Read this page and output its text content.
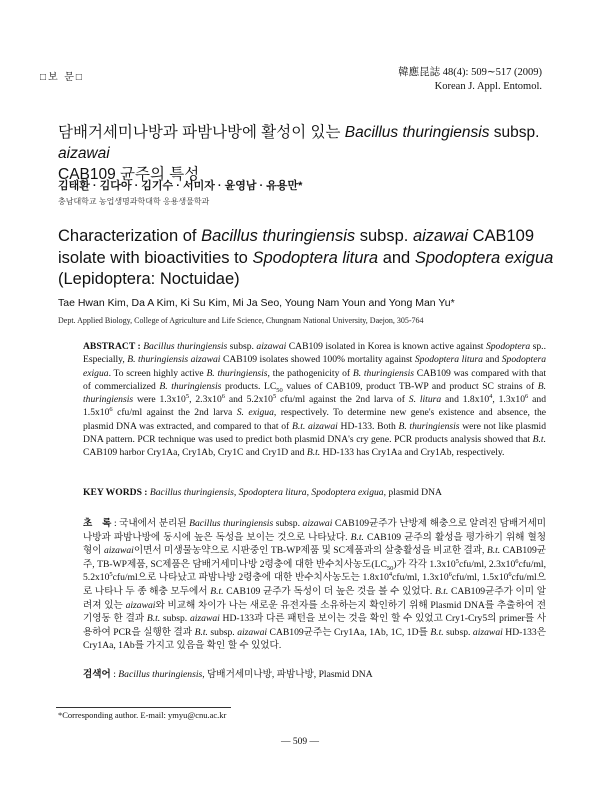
□보 문□	韓應昆誌 48(4): 509∼517 (2009)
Korean J. Appl. Entomol.
담배거세미나방과 파밤나방에 활성이 있는 Bacillus thuringiensis subsp. aizawai
CAB109 균주의 특성
김태환 · 김다아 · 김기수 · 서미자 · 윤영남 · 유용만*
충남대학교 농업생명과학대학 응용생물학과
Characterization of Bacillus thuringiensis subsp. aizawai CAB109 isolate with bioactivities to Spodoptera litura and Spodoptera exigua (Lepidoptera: Noctuidae)
Tae Hwan Kim, Da A Kim, Ki Su Kim, Mi Ja Seo, Young Nam Youn and Yong Man Yu*
Dept. Applied Biology, College of Agriculture and Life Science, Chungnam National University, Daejon, 305-764
ABSTRACT : Bacillus thuringiensis subsp. aizawai CAB109 isolated in Korea is known active against Spodoptera sp.. Especially, B. thuringiensis aizawai CAB109 isolates showed 100% mortality against Spodoptera litura and Spodoptera exigua. To screen highly active B. thuringiensis, the pathogenicity of B. thuringiensis CAB109 was compared with that of commercialized B. thuringiensis products. $LC_{50}$ values of CAB109, product TB-WP and product SC strains of B. thuringiensis were $1.3x10^5$, $2.3x10^6$ and $5.2x10^5$ cfu/ml against the 2nd larva of S. litura and $1.8x10^4$, $1.3x10^6$ and $1.5x10^6$ cfu/ml against the 2nd larva S. exigua, respectively. To determine new gene's existence and absence, the plasmid DNA was extracted, and compared to that of B.t. aizawai HD-133. Both B. thuringiensis were not like plasmid DNA pattern. PCR technique was used to predict both plasmid DNA's cry gene. PCR products analysis showed that B.t. CAB109 harbor Cry1Aa, Cry1Ab, Cry1C and Cry1D and B.t. HD-133 has Cry1Aa and Cry1Ab, respectively.
KEY WORDS : Bacillus thuringiensis, Spodoptera litura, Spodoptera exigua, plasmid DNA
초　록 : 국내에서 분리된 Bacillus thuringiensis subsp. aizawai CAB109균주가 난방제 해충으로 알려진 담배거세미나방과 파밤나방에 동시에 높은 독성을 보이는 것으로 나타났다. B.t. CAB109 균주의 활성을 평가하기 위해 혈청형이 aizawai이면서 미생물농약으로 시판중인 TB-WP제품 및 SC제품과의 살충활성을 비교한 결과, B.t. CAB109균주, TB-WP제품, SC제품은 담배거세미나방 2령충에 대한 반수치사농도$(LC_{50})$가 각각 $1.3x10^5cfu/ml$, $2.3x10^6cfu/ml$, $5.2x10^5cfu/ml$으로 나타났고 파밤나방 2령충에 대한 반수치사농도는 $1.8x10^4cfu/ml$, $1.3x10^6cfu/ml$, $1.5x10^6cfu/ml$으로 나타나 두 종 해충 모두에서 B.t. CAB109 균주가 독성이 더 높은 것을 볼 수 있었다. B.t. CAB109균주가 이미 알려져 있는 aizawai와 비교해 차이가 나는 새로운 유전자를 소유하는지 확인하기 위해 Plasmid DNA를 추출하여 전기영동 한 결과 B.t. subsp. aizawai HD-133과 다른 패턴을 보이는 것을 확인 할 수 있었고 Cry1-Cry5의 primer를 사용하여 PCR을 실행한 결과 B.t. subsp. aizawai CAB109균주는 Cry1Aa, 1Ab, 1C, 1D를 B.t. subsp. aizawai HD-133은 Cry1Aa, 1Ab를 가지고 있음을 확인 할 수 있었다.
검색어 : Bacillus thuringiensis, 담배거세미나방, 파밤나방, Plasmid DNA
*Corresponding author. E-mail: ymyu@cnu.ac.kr
— 509 —
